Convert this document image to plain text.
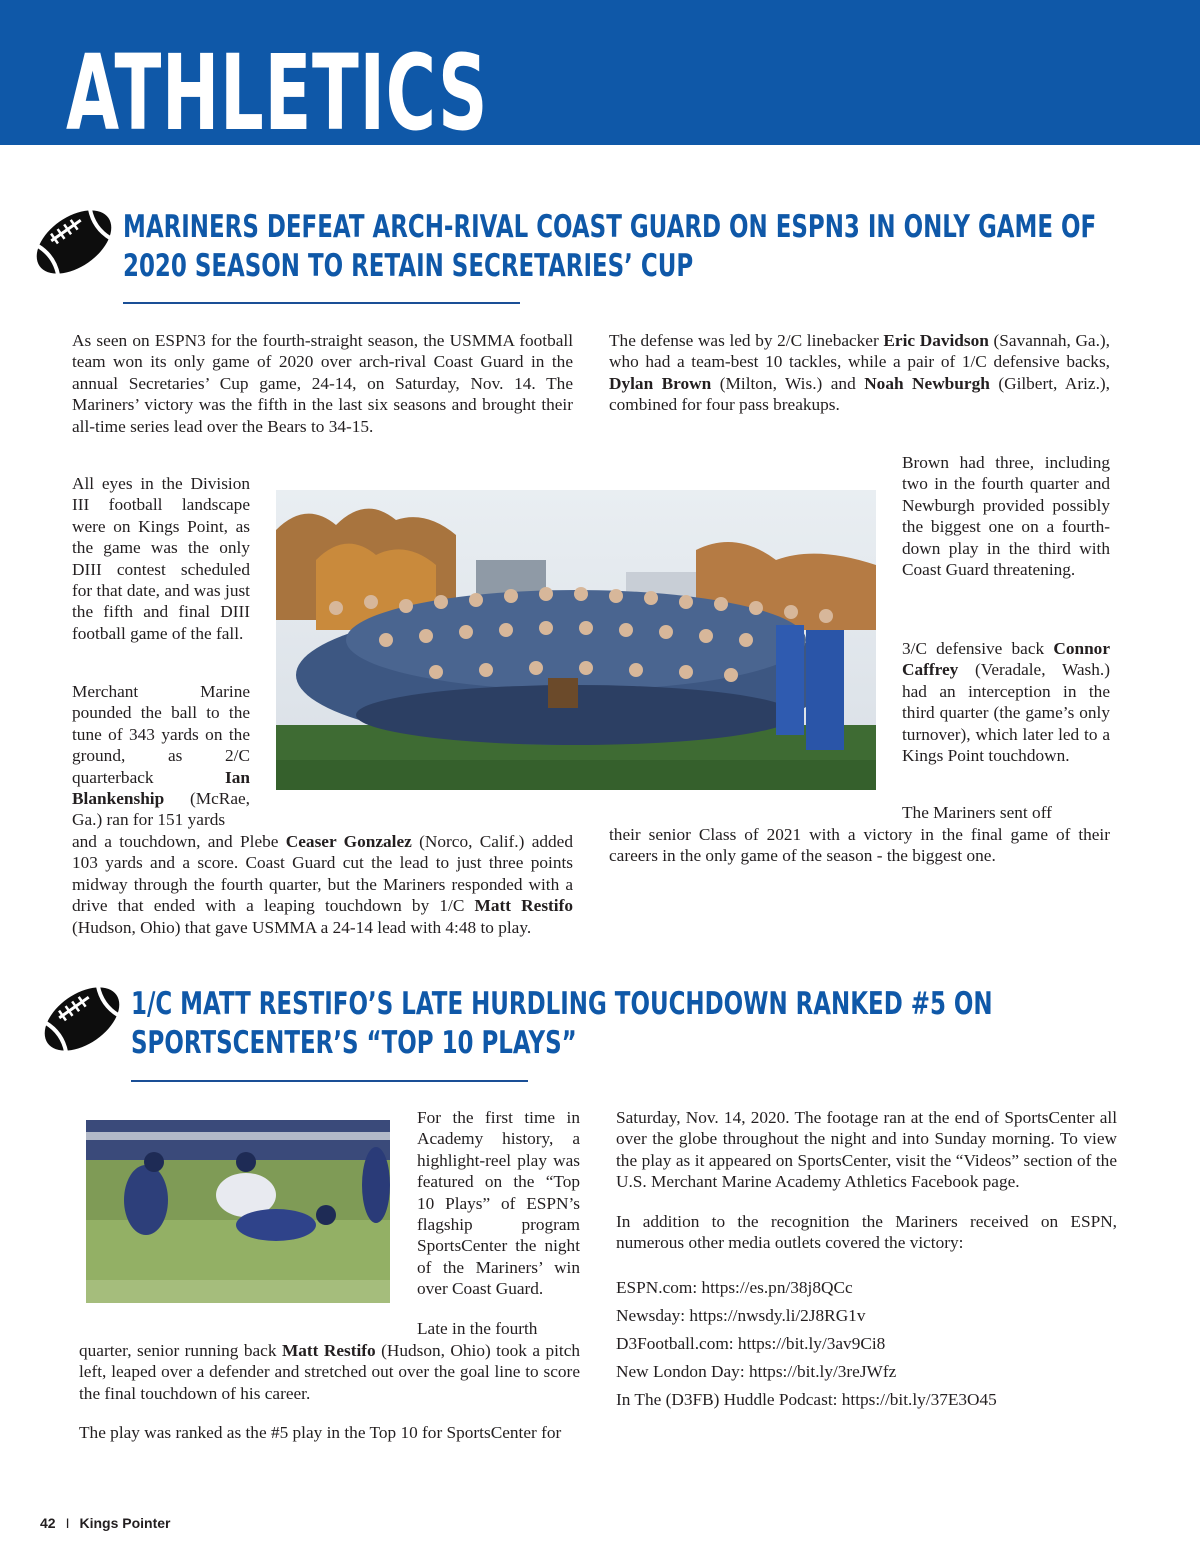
ATHLETICS
MARINERS DEFEAT ARCH-RIVAL COAST GUARD ON ESPN3 IN ONLY GAME OF 2020 SEASON TO RETAIN SECRETARIES’ CUP

As seen on ESPN3 for the fourth-straight season, the USMMA football team won its only game of 2020 over arch-rival Coast Guard in the annual Secretaries’ Cup game, 24-14, on Saturday, Nov. 14. The Mariners’ victory was the fifth in the last six seasons and brought their all-time series lead over the Bears to 34-15.

All eyes in the Division III football landscape were on Kings Point, as the game was the only DIII contest scheduled for that date, and was just the fifth and final DIII football game of the fall.

Merchant Marine pounded the ball to the tune of 343 yards on the ground, as 2/C quarterback	Ian Blankenship (McRae, Ga.) ran for 151 yards

and a touchdown, and Plebe Ceaser Gonzalez (Norco, Calif.) added 103 yards and a score. Coast Guard cut the lead to just three points midway through the fourth quarter, but the Mariners responded with a drive that ended with a leaping touchdown by 1/C Matt Restifo (Hudson, Ohio) that gave USMMA a 24-14 lead with 4:48 to play.

The defense was led by 2/C linebacker Eric Davidson (Savannah, Ga.), who had a team-best 10 tackles, while a pair of 1/C defensive backs, Dylan Brown (Milton, Wis.) and Noah Newburgh (Gilbert, Ariz.), combined for four pass breakups.

Brown had three, including two in the fourth quarter and Newburgh provided possibly the biggest one on a fourth-down play in the third with Coast Guard threatening.

3/C defensive back Connor Caffrey (Veradale, Wash.) had an interception in the third quarter (the game’s only turnover), which later led to a Kings Point touchdown.

The Mariners sent off

their senior Class of 2021 with a victory in the final game of their careers in the only game of the season - the biggest one.

1/C MATT RESTIFO’S LATE HURDLING TOUCHDOWN RANKED #5 ON SPORTSCENTER’S “TOP 10 PLAYS”

For the first time in Academy history, a highlight-reel play was featured on the “Top 10 Plays” of ESPN’s flagship program SportsCenter the night of the Mariners’ win over Coast Guard.

Late in the fourth

quarter, senior running back Matt Restifo (Hudson, Ohio) took a pitch left, leaped over a defender and stretched out over the goal line to score the final touchdown of his career.

The play was ranked as the #5 play in the Top 10 for SportsCenter for

Saturday, Nov. 14, 2020. The footage ran at the end of SportsCenter all over the globe throughout the night and into Sunday morning. To view the play as it appeared on SportsCenter, visit the “Videos” section of the U.S. Merchant Marine Academy Athletics Facebook page.

In addition to the recognition the Mariners received on ESPN, numerous other media outlets covered the victory:

ESPN.com: https://es.pn/38j8QCc
Newsday: https://nwsdy.li/2J8RG1v
D3Football.com: https://bit.ly/3av9Ci8
New London Day: https://bit.ly/3reJWfz
In The (D3FB) Huddle Podcast: https://bit.ly/37E3O45
42 I Kings Pointer
